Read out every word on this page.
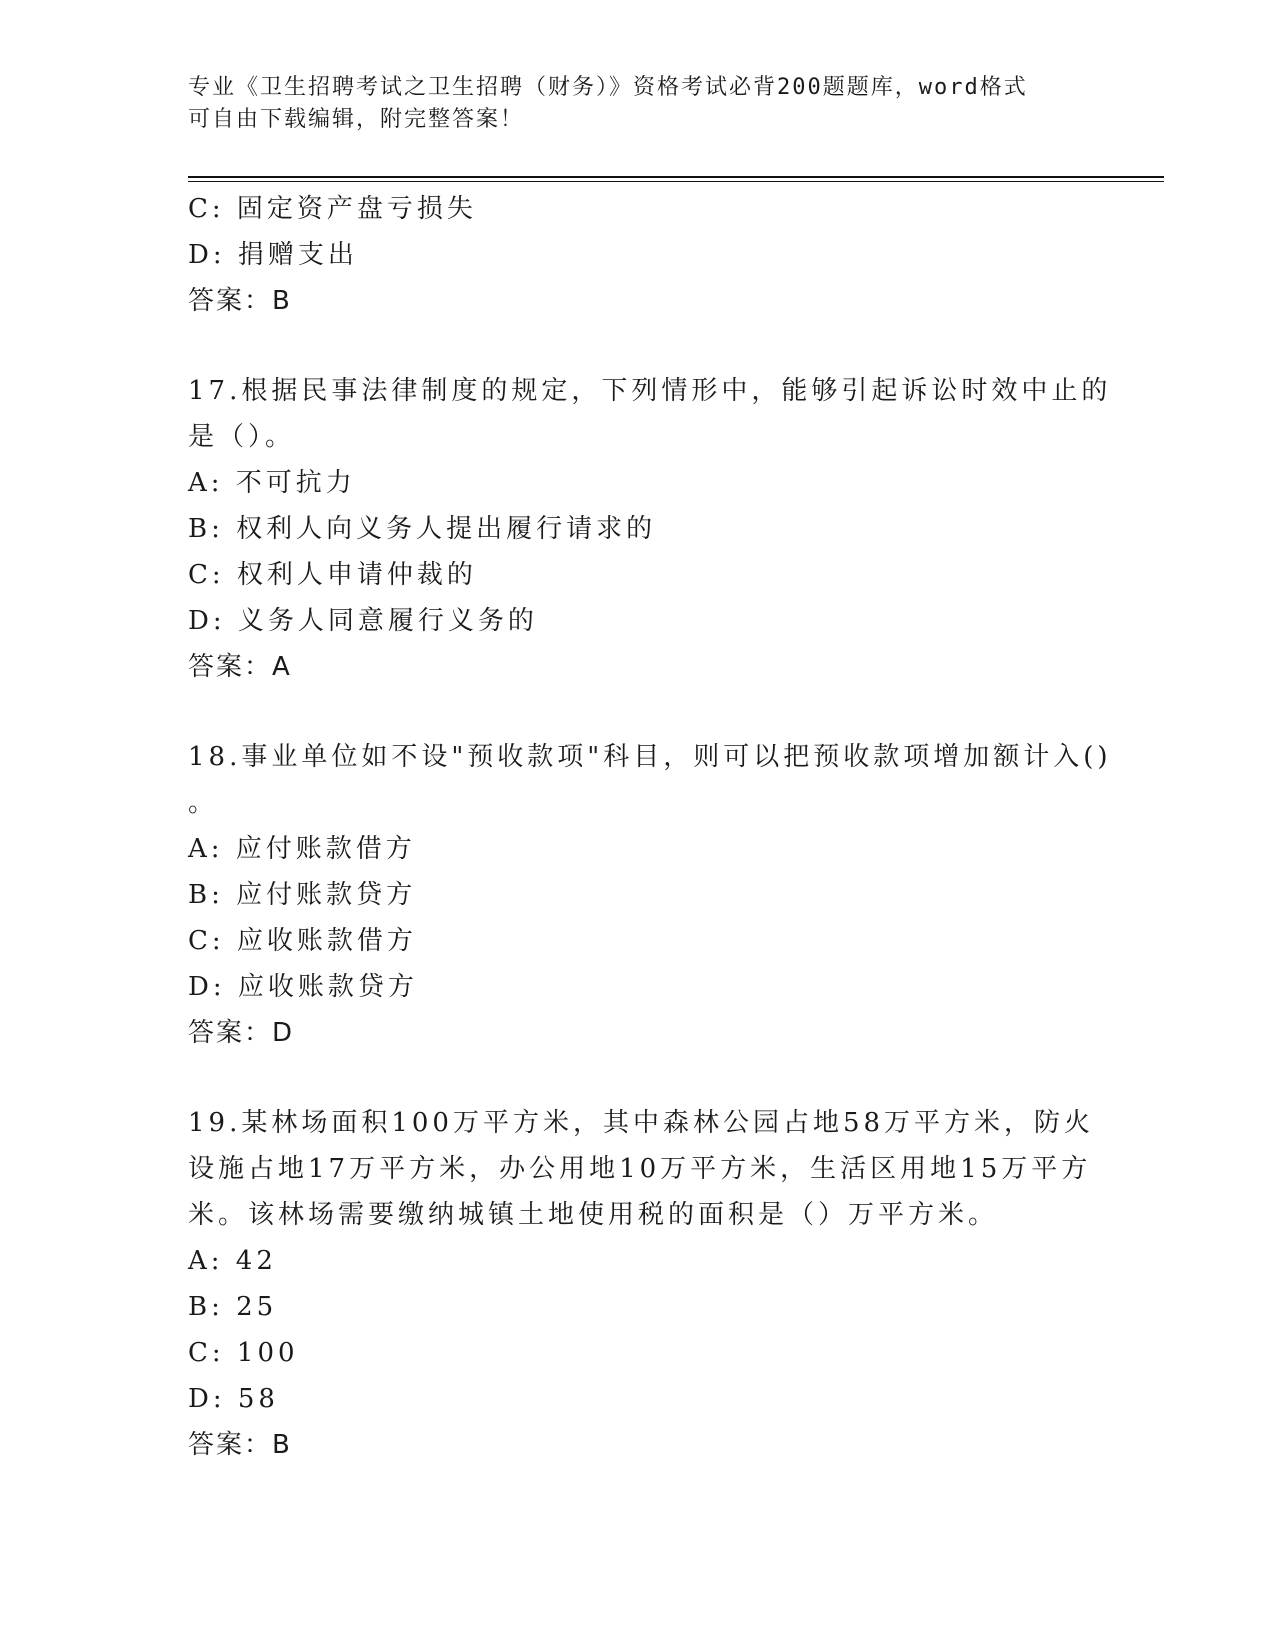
专业《卫生招聘考试之卫生招聘（财务）》资格考试必背200题题库，word格式
可自由下载编辑，附完整答案！
C: 固定资产盘亏损失
D: 捐赠支出
答案：B
17.根据民事法律制度的规定，下列情形中，能够引起诉讼时效中止的
是（）。
A: 不可抗力
B: 权利人向义务人提出履行请求的
C: 权利人申请仲裁的
D: 义务人同意履行义务的
答案：A
18.事业单位如不设"预收款项"科目，则可以把预收款项增加额计入()
。
A: 应付账款借方
B: 应付账款贷方
C: 应收账款借方
D: 应收账款贷方
答案：D
19.某林场面积100万平方米，其中森林公园占地58万平方米，防火
设施占地17万平方米，办公用地10万平方米，生活区用地15万平方
米。该林场需要缴纳城镇土地使用税的面积是（）万平方米。
A: 42
B: 25
C: 100
D: 58
答案：B
